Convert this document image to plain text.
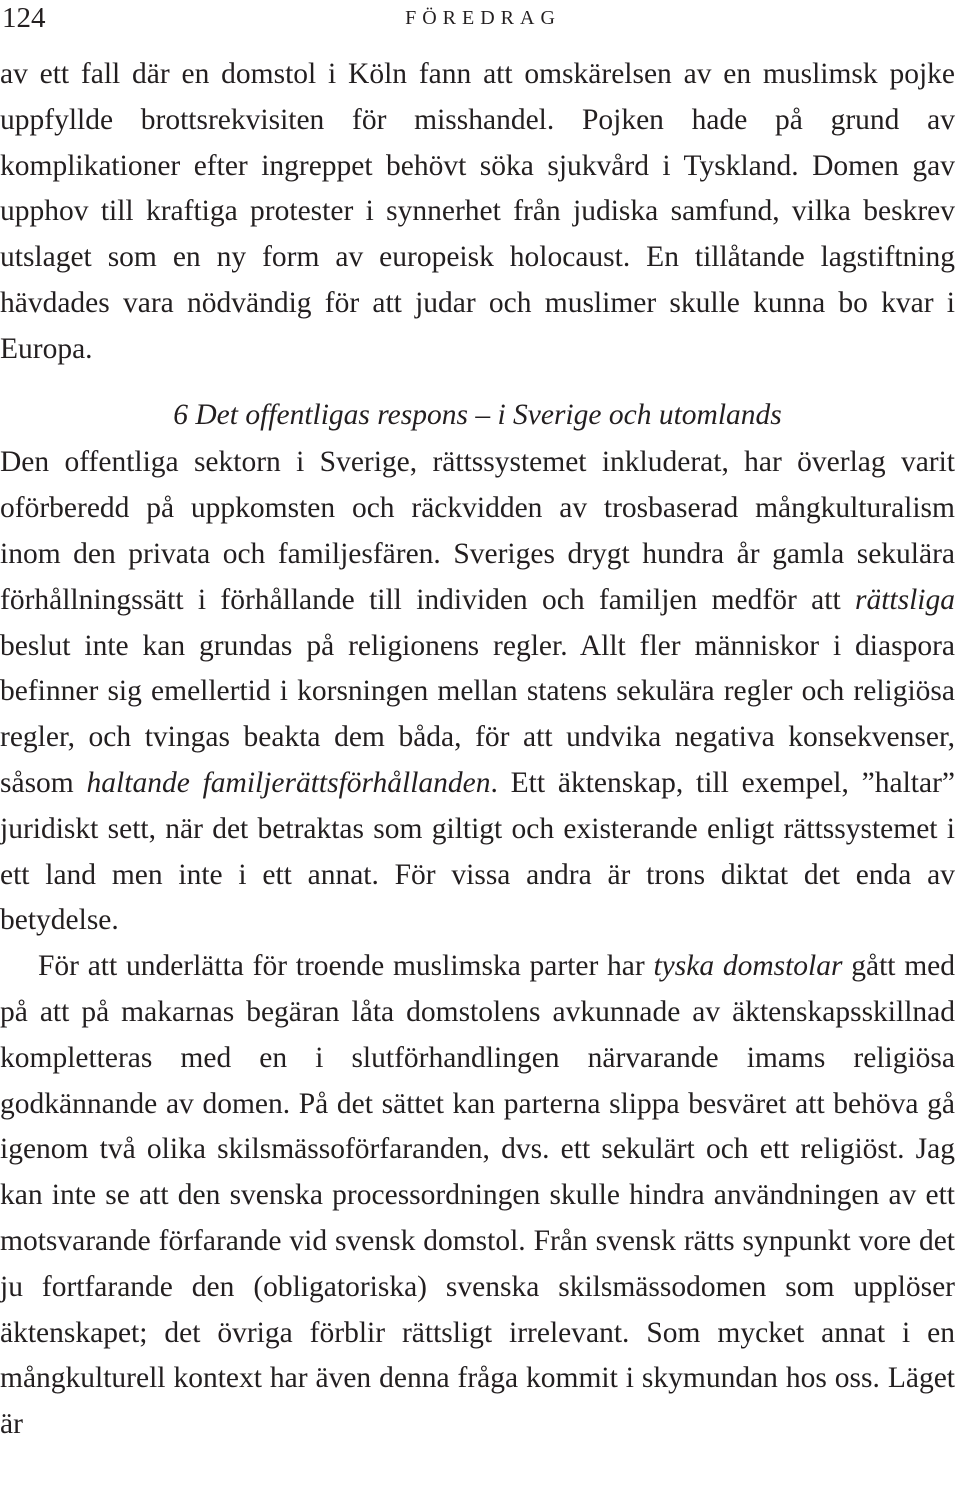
124	FÖREDRAG

av ett fall där en domstol i Köln fann att omskärelsen av en muslimsk pojke uppfyllde brottsrekvisiten för misshandel. Pojken hade på grund av komplikationer efter ingreppet behövt söka sjukvård i Tyskland. Domen gav upphov till kraftiga protester i synnerhet från judiska samfund, vilka beskrev utslaget som en ny form av europeisk holocaust. En tillåtande lagstiftning hävdades vara nödvändig för att judar och muslimer skulle kunna bo kvar i Europa.

6 Det offentligas respons – i Sverige och utomlands

Den offentliga sektorn i Sverige, rättssystemet inkluderat, har överlag varit oförberedd på uppkomsten och räckvidden av trosbaserad mångkulturalism inom den privata och familjesfären. Sveriges drygt hundra år gamla sekulära förhållningssätt i förhållande till individen och familjen medför att rättsliga beslut inte kan grundas på religionens regler. Allt fler människor i diaspora befinner sig emellertid i korsningen mellan statens sekulära regler och religiösa regler, och tvingas beakta dem båda, för att undvika negativa konsekvenser, såsom haltande familjerättsförhållanden. Ett äktenskap, till exempel, ”haltar” juridiskt sett, när det betraktas som giltigt och existerande enligt rättssystemet i ett land men inte i ett annat. För vissa andra är trons diktat det enda av betydelse.

För att underlätta för troende muslimska parter har tyska domstolar gått med på att på makarnas begäran låta domstolens avkunnade av äktenskapsskillnad kompletteras med en i slutförhandlingen närvarande imams religiösa godkännande av domen. På det sättet kan parterna slippa besväret att behöva gå igenom två olika skilsmässoförfaranden, dvs. ett sekulärt och ett religiöst. Jag kan inte se att den svenska processordningen skulle hindra användningen av ett motsvarande förfarande vid svensk domstol. Från svensk rätts synpunkt vore det ju fortfarande den (obligatoriska) svenska skilsmässodomen som upplöser äktenskapet; det övriga förblir rättsligt irrelevant. Som mycket annat i en mångkulturell kontext har även denna fråga kommit i skymundan hos oss. Läget är
